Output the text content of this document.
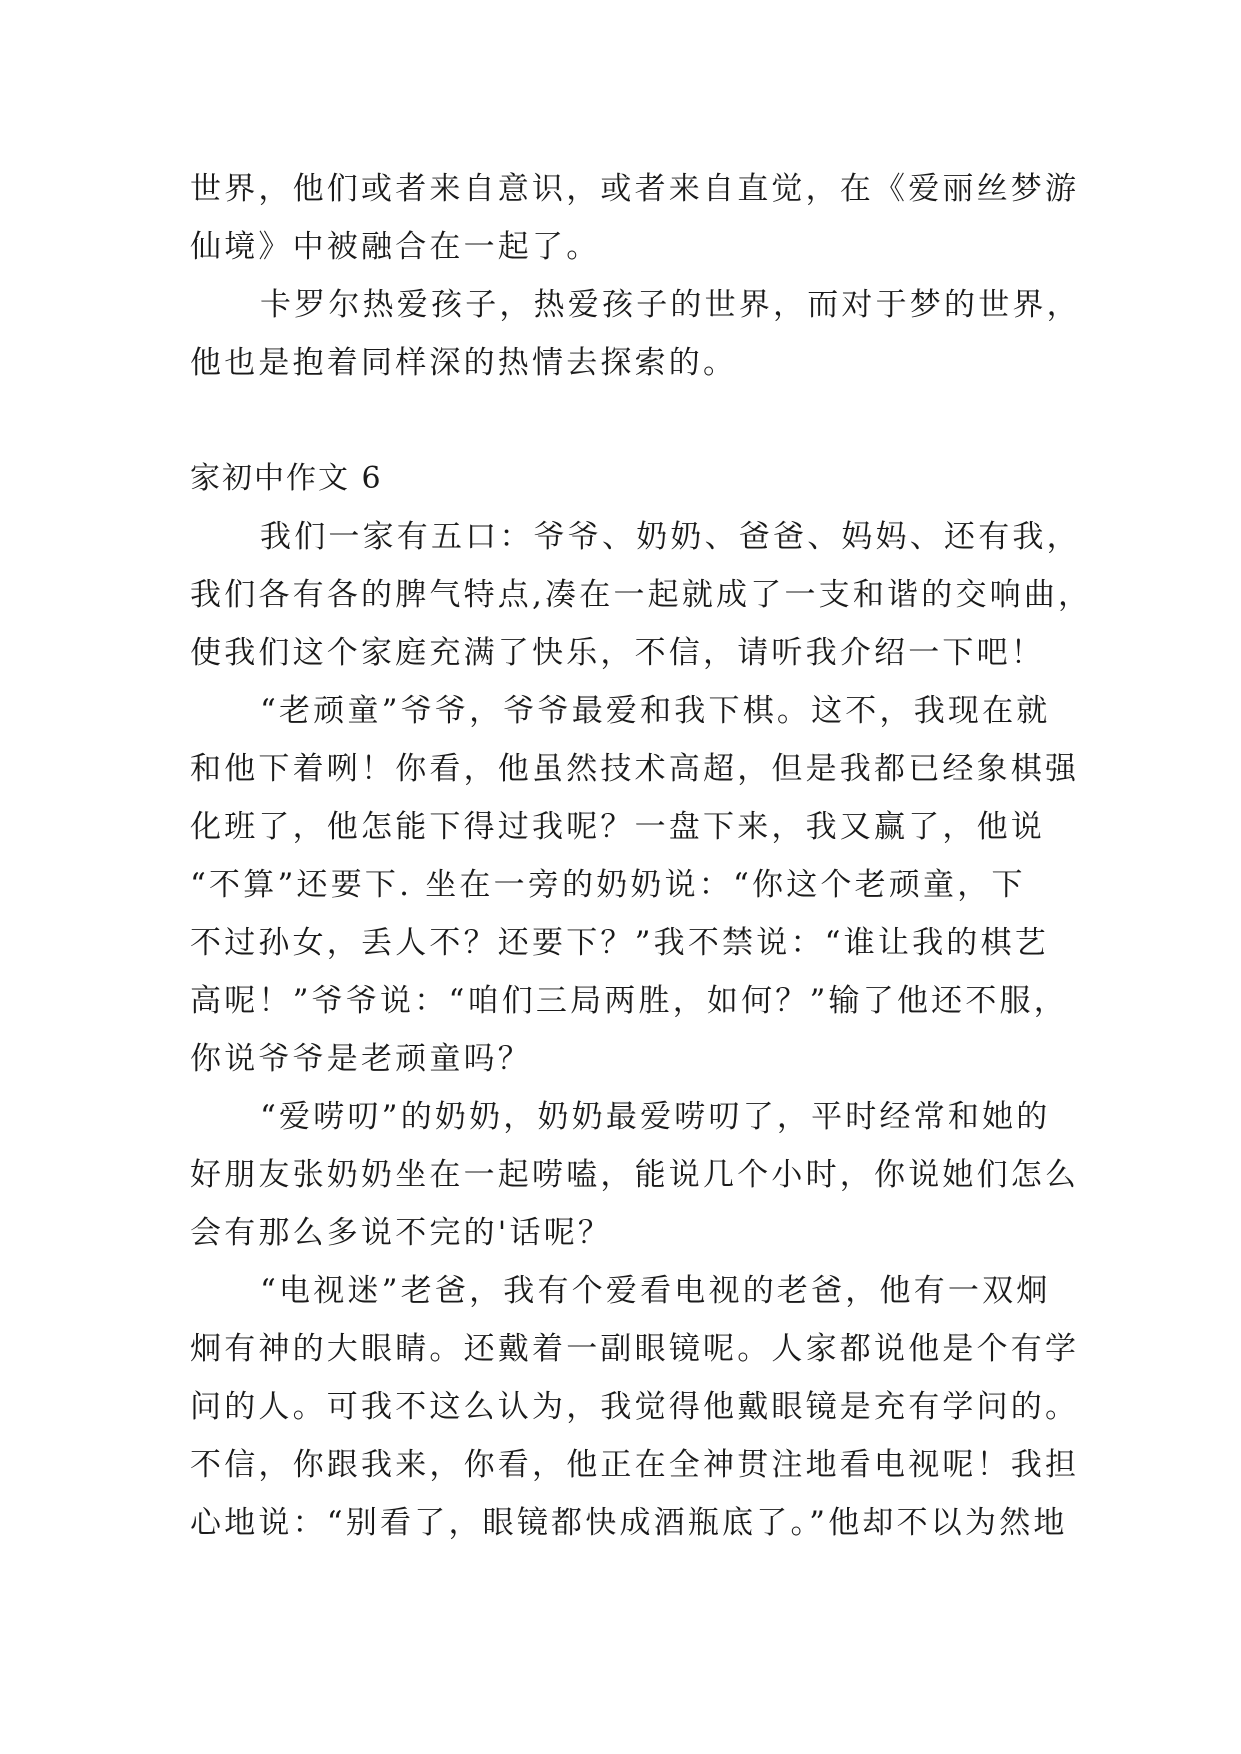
世界，他们或者来自意识，或者来自直觉，在《爱丽丝梦游
仙境》中被融合在一起了。
卡罗尔热爱孩子，热爱孩子的世界，而对于梦的世界，
他也是抱着同样深的热情去探索的。
家初中作文 6
我们一家有五口：爷爷、奶奶、爸爸、妈妈、还有我，
我们各有各的脾气特点,凑在一起就成了一支和谐的交响曲，
使我们这个家庭充满了快乐，不信，请听我介绍一下吧！
“老顽童”爷爷，爷爷最爱和我下棋。这不，我现在就
和他下着咧！你看，他虽然技术高超，但是我都已经象棋强
化班了，他怎能下得过我呢？一盘下来，我又赢了，他说
“不算”还要下. 坐在一旁的奶奶说：“你这个老顽童，下
不过孙女，丢人不？还要下？”我不禁说：“谁让我的棋艺
高呢！”爷爷说：“咱们三局两胜，如何？”输了他还不服，
你说爷爷是老顽童吗？
“爱唠叨”的奶奶，奶奶最爱唠叨了，平时经常和她的
好朋友张奶奶坐在一起唠嗑，能说几个小时，你说她们怎么
会有那么多说不完的'话呢？
“电视迷”老爸，我有个爱看电视的老爸，他有一双炯
炯有神的大眼睛。还戴着一副眼镜呢。人家都说他是个有学
问的人。可我不这么认为，我觉得他戴眼镜是充有学问的。
不信，你跟我来，你看，他正在全神贯注地看电视呢！我担
心地说：“别看了，眼镜都快成酒瓶底了。”他却不以为然地
